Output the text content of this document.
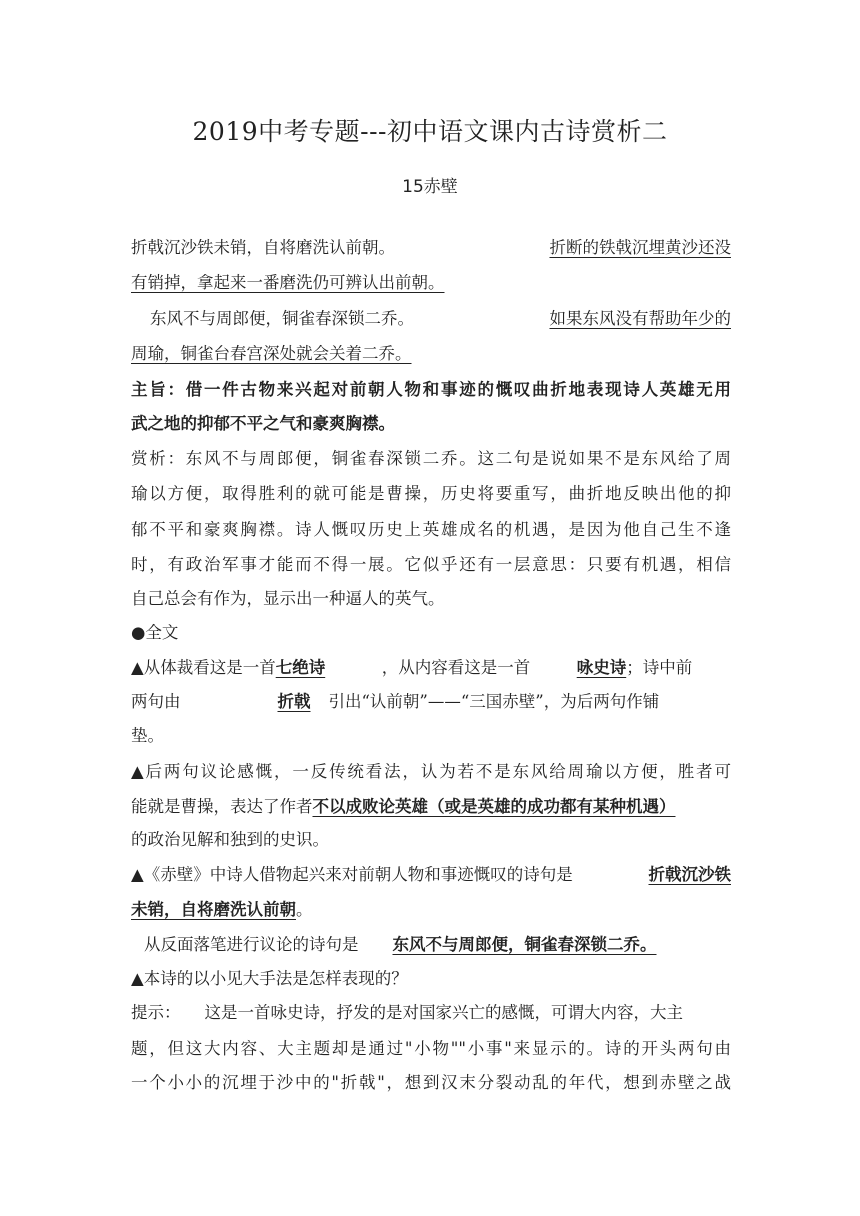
2019中考专题---初中语文课内古诗赏析二
15赤壁
折戟沉沙铁未销，自将磨洗认前朝。	折断的铁戟沉埋黄沙还没
有销掉，拿起来一番磨洗仍可辨认出前朝。
东风不与周郎便，铜雀春深锁二乔。	如果东风没有帮助年少的
周瑜，铜雀台春宫深处就会关着二乔。
主旨：借一件古物来兴起对前朝人物和事迹的慨叹曲折地表现诗人英雄无用
武之地的抑郁不平之气和豪爽胸襟。
赏析：东风不与周郎便，铜雀春深锁二乔。这二句是说如果不是东风给了周
瑜以方便，取得胜利的就可能是曹操，历史将要重写，曲折地反映出他的抑
郁不平和豪爽胸襟。诗人慨叹历史上英雄成名的机遇，是因为他自己生不逢
时，有政治军事才能而不得一展。它似乎还有一层意思：只要有机遇，相信
自己总会有作为，显示出一种逼人的英气。
●全文
▲从体裁看这是一首七绝诗	，从内容看这是一首	咏史诗；诗中前
两句由	折戟 引出“认前朝”——“三国赤壁”，为后两句作铺
垫。
▲后两句议论感慨，一反传统看法，认为若不是东风给周瑜以方便，胜者可
能就是曹操，表达了作者不以成败论英雄（或是英雄的成功都有某种机遇）
的政治见解和独到的史识。
▲《赤壁》中诗人借物起兴来对前朝人物和事迹慨叹的诗句是	折戟沉沙铁
未销，自将磨洗认前朝。
从反面落笔进行议论的诗句是 东风不与周郎便，铜雀春深锁二乔。
▲本诗的以小见大手法是怎样表现的？
提示： 这是一首咏史诗，抒发的是对国家兴亡的感慨，可谓大内容，大主
题，但这大内容、大主题却是通过"小物""小事"来显示的。诗的开头两句由
一个小小的沉埋于沙中的"折戟"，想到汉末分裂动乱的年代，想到赤壁之战
